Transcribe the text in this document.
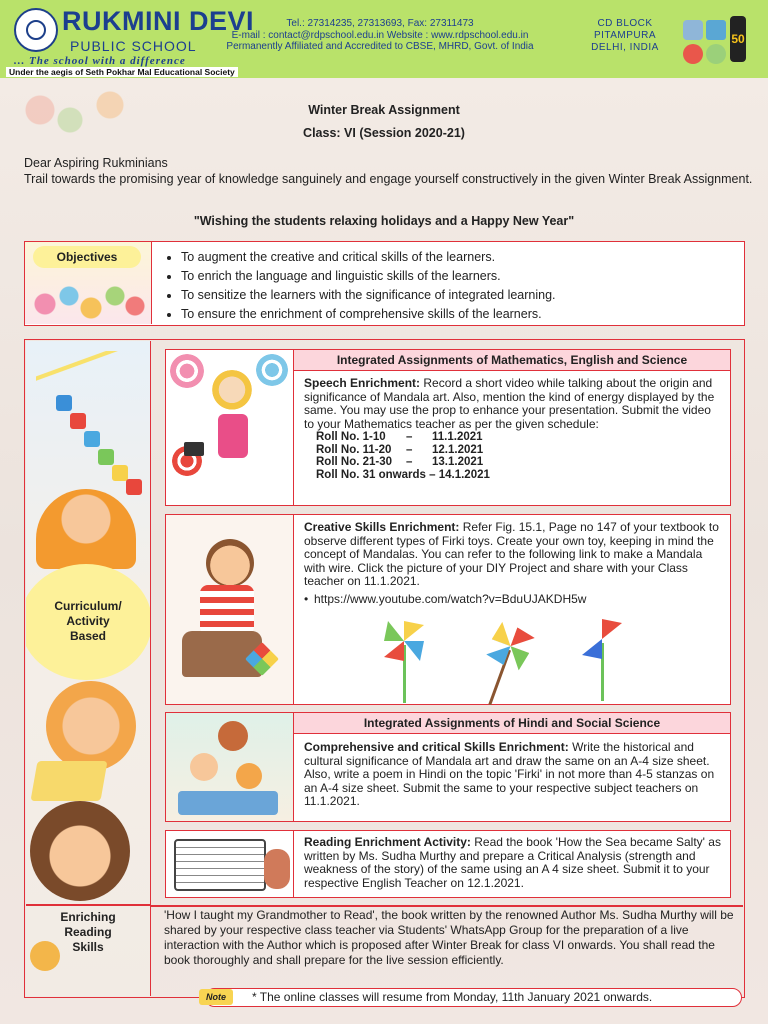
RUKMINI DEVI
PUBLIC SCHOOL
... The school with a difference
Under the aegis of Seth Pokhar Mal Educational Society
Tel.: 27314235, 27313693, Fax: 27311473
E-mail : contact@rdpschool.edu.in Website : www.rdpschool.edu.in
Permanently Affiliated and Accredited to CBSE, MHRD, Govt. of India
CD BLOCK
PITAMPURA
DELHI, INDIA
50
Winter Break Assignment
Class: VI (Session 2020-21)
Dear Aspiring Rukminians
Trail towards the promising year of knowledge sanguinely and engage yourself constructively in the given Winter Break Assignment.
"Wishing the students relaxing holidays and a Happy New Year"
Objectives
•	To augment the creative and critical skills of the learners.
• To enrich the language and linguistic skills of the learners.
• To sensitize the learners with the significance of integrated learning.
• To ensure the enrichment of comprehensive skills of the learners.
Curriculum/
Activity
Based
Enriching
Reading
Skills
Integrated Assignments of Mathematics, English and Science
Speech Enrichment: Record a short video while talking about the origin and significance of Mandala art. Also, mention the kind of energy displayed by the same. You may use the prop to enhance your presentation. Submit the video to your Mathematics teacher as per the given schedule:
Roll No. 1-10 – 11.1.2021
Roll No. 11-20 – 12.1.2021
Roll No. 21-30 – 13.1.2021
Roll No. 31 onwards – 14.1.2021
Creative Skills Enrichment: Refer Fig. 15.1, Page no 147 of your textbook to observe different types of Firki toys. Create your own toy, keeping in mind the concept of Mandalas. You can refer to the following link to make a Mandala with wire. Click the picture of your DIY Project and share with your Class teacher on 11.1.2021.
• https://www.youtube.com/watch?v=BduUJAKDH5w
Integrated Assignments of Hindi and Social Science
Comprehensive and critical Skills Enrichment: Write the historical and cultural significance of Mandala art and draw the same on an A-4 size sheet. Also, write a poem in Hindi on the topic 'Firki' in not more than 4-5 stanzas on an A-4 size sheet. Submit the same to your respective subject teachers on 11.1.2021.
Reading Enrichment Activity: Read the book 'How the Sea became Salty' as written by Ms. Sudha Murthy and prepare a Critical Analysis (strength and weakness of the story) of the same using an A 4 size sheet. Submit it to your respective English Teacher on 12.1.2021.
'How I taught my Grandmother to Read', the book written by the renowned Author Ms. Sudha Murthy will be shared by your respective class teacher via Students' WhatsApp Group for the preparation of a live interaction with the Author which is proposed after Winter Break for class VI onwards. You shall read the book thoroughly and shall prepare for the live session efficiently.
* The online classes will resume from Monday, 11th January 2021 onwards.
Note
